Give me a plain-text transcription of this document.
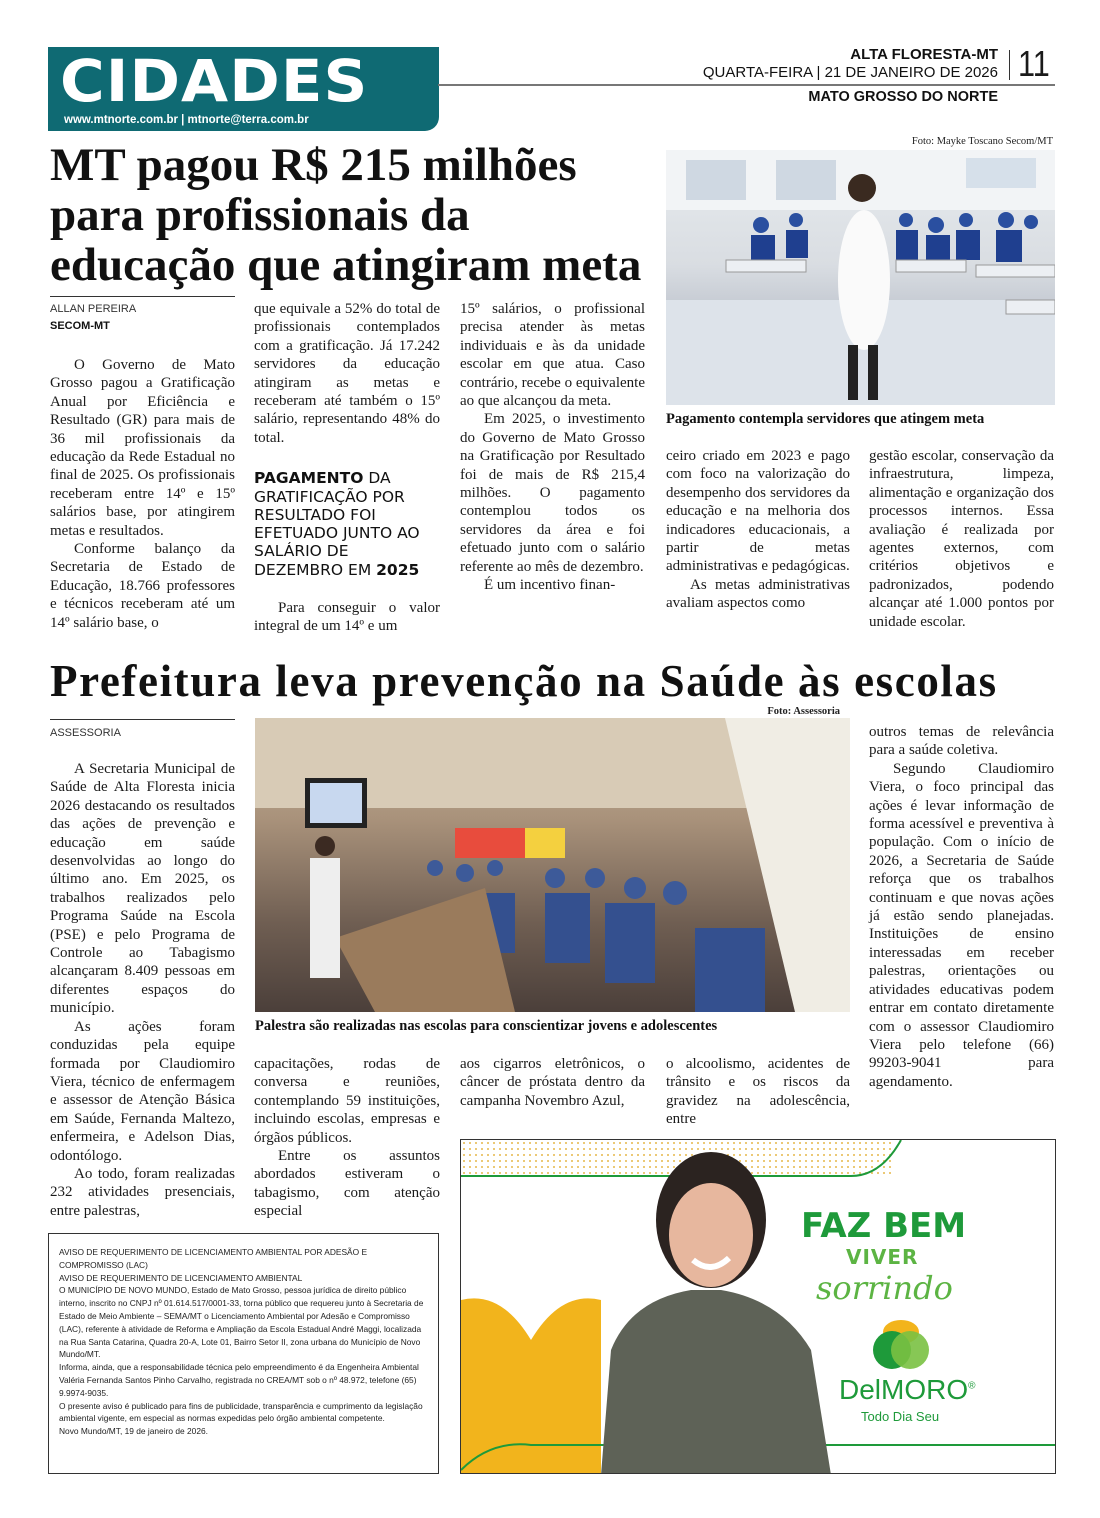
CIDADES
www.mtnorte.com.br | mtnorte@terra.com.br
ALTA FLORESTA-MT
QUARTA-FEIRA | 21 DE JANEIRO DE 2026 11
MATO GROSSO DO NORTE
MT pagou R$ 215 milhões para profissionais da educação que atingiram meta
ALLAN PEREIRA
SECOM-MT
Foto: Mayke Toscano Secom/MT
Pagamento contempla servidores que atingem meta

O Governo de Mato Grosso pagou a Gratificação Anual por Eficiência e Resultado (GR) para mais de 36 mil profissionais da educação da Rede Estadual no final de 2025. Os profissionais receberam entre 14º e 15º salários base, por atingirem metas e resultados.

Conforme balanço da Secretaria de Estado de Educação, 18.766 professores e técnicos receberam até um 14º salário base, o

que equivale a 52% do total de profissionais contemplados com a gratificação. Já 17.242 servidores da educação atingiram as metas e receberam até também o 15º salário, representando 48% do total.

PAGAMENTO DA GRATIFICAÇÃO POR RESULTADO FOI EFETUADO JUNTO AO SALÁRIO DE DEZEMBRO EM 2025

Para conseguir o valor integral de um 14º e um

15º salários, o profissional precisa atender às metas individuais e às da unidade escolar em que atua. Caso contrário, recebe o equivalente ao que alcançou da meta.

Em 2025, o investimento do Governo de Mato Grosso na Gratificação por Resultado foi de mais de R$ 215,4 milhões. O pagamento contemplou todos os servidores da área e foi efetuado junto com o salário referente ao mês de dezembro.

É um incentivo finan-

ceiro criado em 2023 e pago com foco na valorização do desempenho dos servidores da educação e na melhoria dos indicadores educacionais, a partir de metas administrativas e pedagógicas.

As metas administrativas avaliam aspectos como

gestão escolar, conservação da infraestrutura, limpeza, alimentação e organização dos processos internos. Essa avaliação é realizada por agentes externos, com critérios objetivos e padronizados, podendo alcançar até 1.000 pontos por unidade escolar.

Prefeitura leva prevenção na Saúde às escolas
ASSESSORIA
Foto: Assessoria
Palestra são realizadas nas escolas para conscientizar jovens e adolescentes

A Secretaria Municipal de Saúde de Alta Floresta inicia 2026 destacando os resultados das ações de prevenção e educação em saúde desenvolvidas ao longo do último ano. Em 2025, os trabalhos realizados pelo Programa Saúde na Escola (PSE) e pelo Programa de Controle ao Tabagismo alcançaram 8.409 pessoas em diferentes espaços do município.

As ações foram conduzidas pela equipe formada por Claudiomiro Viera, técnico de enfermagem e assessor de Atenção Básica em Saúde, Fernanda Maltezo, enfermeira, e Adelson Dias, odontólogo.

Ao todo, foram realizadas 232 atividades presenciais, entre palestras,

capacitações, rodas de conversa e reuniões, contemplando 59 instituições, incluindo escolas, empresas e órgãos públicos.

Entre os assuntos abordados estiveram o tabagismo, com atenção especial

aos cigarros eletrônicos, o câncer de próstata dentro da campanha Novembro Azul,

o alcoolismo, acidentes de trânsito e os riscos da gravidez na adolescência, entre

outros temas de relevância para a saúde coletiva.

Segundo Claudiomiro Viera, o foco principal das ações é levar informação de forma acessível e preventiva à população. Com o início de 2026, a Secretaria de Saúde reforça que os trabalhos continuam e que novas ações já estão sendo planejadas. Instituições de ensino interessadas em receber palestras, orientações ou atividades educativas podem entrar em contato diretamente com o assessor Claudiomiro Viera pelo telefone (66) 99203-9041 para agendamento.

AVISO DE REQUERIMENTO DE LICENCIAMENTO AMBIENTAL POR ADESÃO E COMPROMISSO (LAC)
AVISO DE REQUERIMENTO DE LICENCIAMENTO AMBIENTAL
O MUNICÍPIO DE NOVO MUNDO, Estado de Mato Grosso, pessoa jurídica de direito público interno, inscrito no CNPJ nº 01.614.517/0001-33, torna público que requereu junto à Secretaria de Estado de Meio Ambiente – SEMA/MT o Licenciamento Ambiental por Adesão e Compromisso (LAC), referente à atividade de Reforma e Ampliação da Escola Estadual André Maggi, localizada na Rua Santa Catarina, Quadra 20-A, Lote 01, Bairro Setor II, zona urbana do Município de Novo Mundo/MT.
Informa, ainda, que a responsabilidade técnica pelo empreendimento é da Engenheira Ambiental Valéria Fernanda Santos Pinho Carvalho, registrada no CREA/MT sob o nº 48.972, telefone (65) 9.9974-9035.
O presente aviso é publicado para fins de publicidade, transparência e cumprimento da legislação ambiental vigente, em especial as normas expedidas pelo órgão ambiental competente.
Novo Mundo/MT, 19 de janeiro de 2026.
FAZ BEM
VIVER
sorrindo
DelMORO®
Todo Dia Seu
